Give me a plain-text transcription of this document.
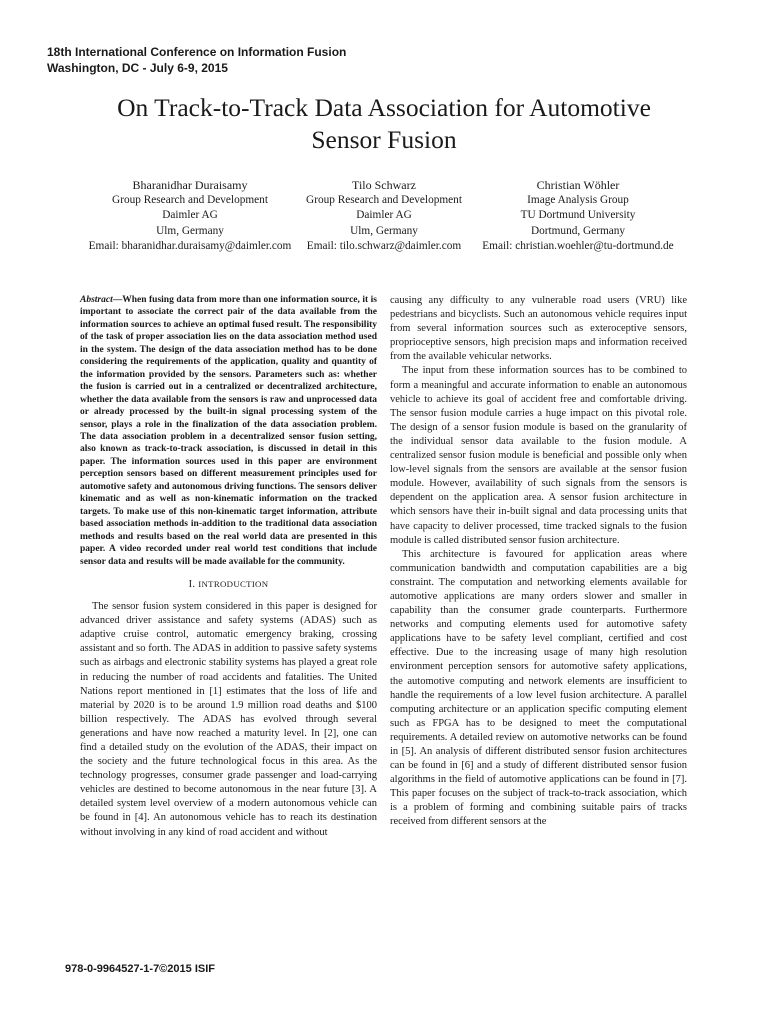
18th International Conference on Information Fusion
Washington, DC - July 6-9, 2015
On Track-to-Track Data Association for Automotive
Sensor Fusion
Bharanidhar Duraisamy
Group Research and Development
Daimler AG
Ulm, Germany
Email: bharanidhar.duraisamy@daimler.com
Tilo Schwarz
Group Research and Development
Daimler AG
Ulm, Germany
Email: tilo.schwarz@daimler.com
Christian Wöhler
Image Analysis Group
TU Dortmund University
Dortmund, Germany
Email: christian.woehler@tu-dortmund.de

Abstract—When fusing data from more than one information source, it is important to associate the correct pair of the data available from the information sources to achieve an optimal fused result. The responsibility of the task of proper association lies on the data association method used in the system. The design of the data association method has to be done considering the requirements of the application, quality and quantity of the information provided by the sensors. Parameters such as: whether the fusion is carried out in a centralized or decentralized architecture, whether the data available from the sensors is raw and unprocessed data or already processed by the built-in signal processing system of the sensor, plays a role in the finalization of the data association problem. The data association problem in a decentralized sensor fusion setting, also known as track-to-track association, is discussed in detail in this paper. The information sources used in this paper are environment perception sensors based on different measurement principles used for automotive safety and autonomous driving functions. The sensors deliver kinematic and as well as non-kinematic information on the tracked targets. To make use of this non-kinematic target information, attribute based association methods in-addition to the traditional data association methods and results based on the real world data are presented in this paper. A video recorded under real world test conditions that include sensor data and results will be made available for the community.

I. INTRODUCTION

The sensor fusion system considered in this paper is designed for advanced driver assistance and safety systems (ADAS) such as adaptive cruise control, automatic emergency braking, crossing assistant and so forth. The ADAS in addition to passive safety systems such as airbags and electronic stability systems has played a great role in reducing the number of road accidents and fatalities. The United Nations report mentioned in [1] estimates that the loss of life and material by 2020 is to be around 1.9 million road deaths and $100 billion respectively. The ADAS has evolved through several generations and have now reached a maturity level. In [2], one can find a detailed study on the evolution of the ADAS, their impact on the society and the future technological focus in this area. As the technology progresses, consumer grade passenger and load-carrying vehicles are destined to become autonomous in the near future [3]. A detailed system level overview of a modern autonomous vehicle can be found in [4]. An autonomous vehicle has to reach its destination without involving in any kind of road accident and without

causing any difficulty to any vulnerable road users (VRU) like pedestrians and bicyclists. Such an autonomous vehicle requires input from several information sources such as exteroceptive sensors, proprioceptive sensors, high precision maps and information received from the available vehicular networks.

The input from these information sources has to be combined to form a meaningful and accurate information to enable an autonomous vehicle to achieve its goal of accident free and comfortable driving. The sensor fusion module carries a huge impact on this pivotal role. The design of a sensor fusion module is based on the granularity of the individual sensor data available to the fusion module. A centralized sensor fusion module is beneficial and possible only when low-level signals from the sensors are available at the sensor fusion module. However, availability of such signals from the sensors is dependent on the application area. A sensor fusion architecture in which sensors have their in-built signal and data processing units that have capacity to deliver processed, time tracked signals to the fusion module is called distributed sensor fusion architecture.

This architecture is favoured for application areas where communication bandwidth and computation capabilities are a big constraint. The computation and networking elements available for automotive applications are many orders slower and smaller in capability than the consumer grade counterparts. Furthermore networks and computing elements used for automotive safety applications have to be safety level compliant, certified and cost effective. Due to the increasing usage of many high resolution environment perception sensors for automotive safety applications, the automotive computing and network elements are insufficient to handle the requirements of a low level fusion architecture. A parallel computing architecture or an application specific computing element such as FPGA has to be designed to meet the computational requirements. A detailed review on automotive networks can be found in [5]. An analysis of different distributed sensor fusion architectures can be found in [6] and a study of different distributed sensor fusion algorithms in the field of automotive applications can be found in [7]. This paper focuses on the subject of track-to-track association, which is a problem of forming and combining suitable pairs of tracks received from different sensors at the

978-0-9964527-1-7©2015 ISIF
